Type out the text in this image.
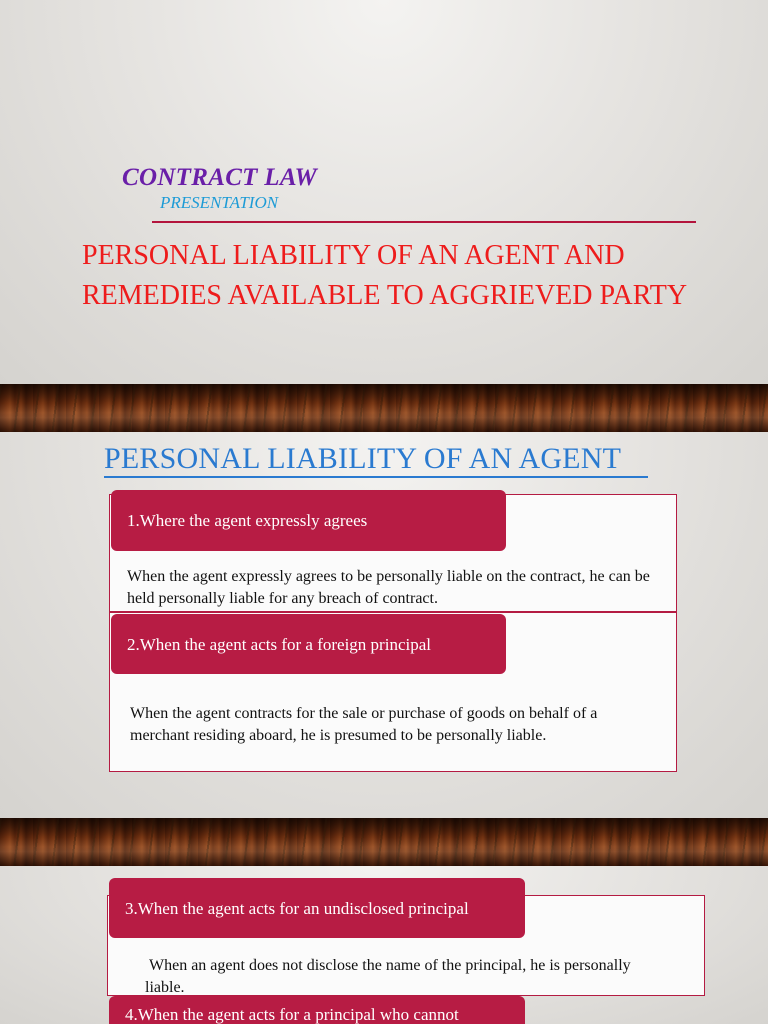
CONTRACT LAW
PRESENTATION
PERSONAL LIABILITY OF AN AGENT AND REMEDIES AVAILABLE TO AGGRIEVED PARTY
PERSONAL LIABILITY OF AN AGENT
1.Where the agent expressly agrees
When the agent expressly agrees to be personally liable on the contract, he can be held personally liable for any breach of contract.
2.When the agent acts for a foreign principal
When the agent contracts for the sale or purchase of goods on behalf of a merchant residing aboard, he is presumed to be personally liable.
3.When the agent acts for an undisclosed principal
When an agent does not disclose the name of the principal, he is personally liable.
4.When the agent acts for a principal who cannot
